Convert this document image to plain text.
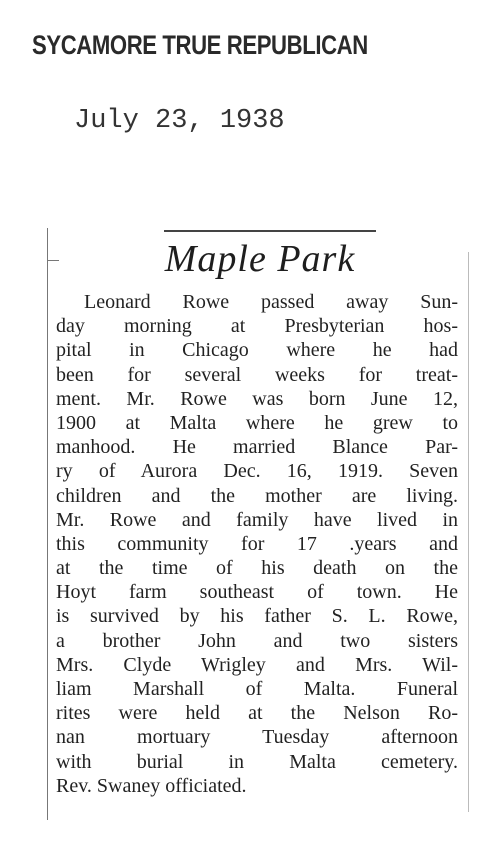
SYCAMORE TRUE REPUBLICAN
July 23, 1938
Maple Park
Leonard Rowe passed away Sun-
day morning at Presbyterian hos-
pital in Chicago where he had
been for several weeks for treat-
ment. Mr. Rowe was born June 12,
1900 at Malta where he grew to
manhood. He married Blance Par-
ry of Aurora Dec. 16, 1919. Seven
children and the mother are living.
Mr. Rowe and family have lived in
this community for 17 .years and
at the time of his death on the
Hoyt farm southeast of town. He
is survived by his father S. L. Rowe,
a brother John and two sisters
Mrs. Clyde Wrigley and Mrs. Wil-
liam Marshall of Malta. Funeral
rites were held at the Nelson Ro-
nan mortuary Tuesday afternoon
with burial in Malta cemetery.
Rev. Swaney officiated.
